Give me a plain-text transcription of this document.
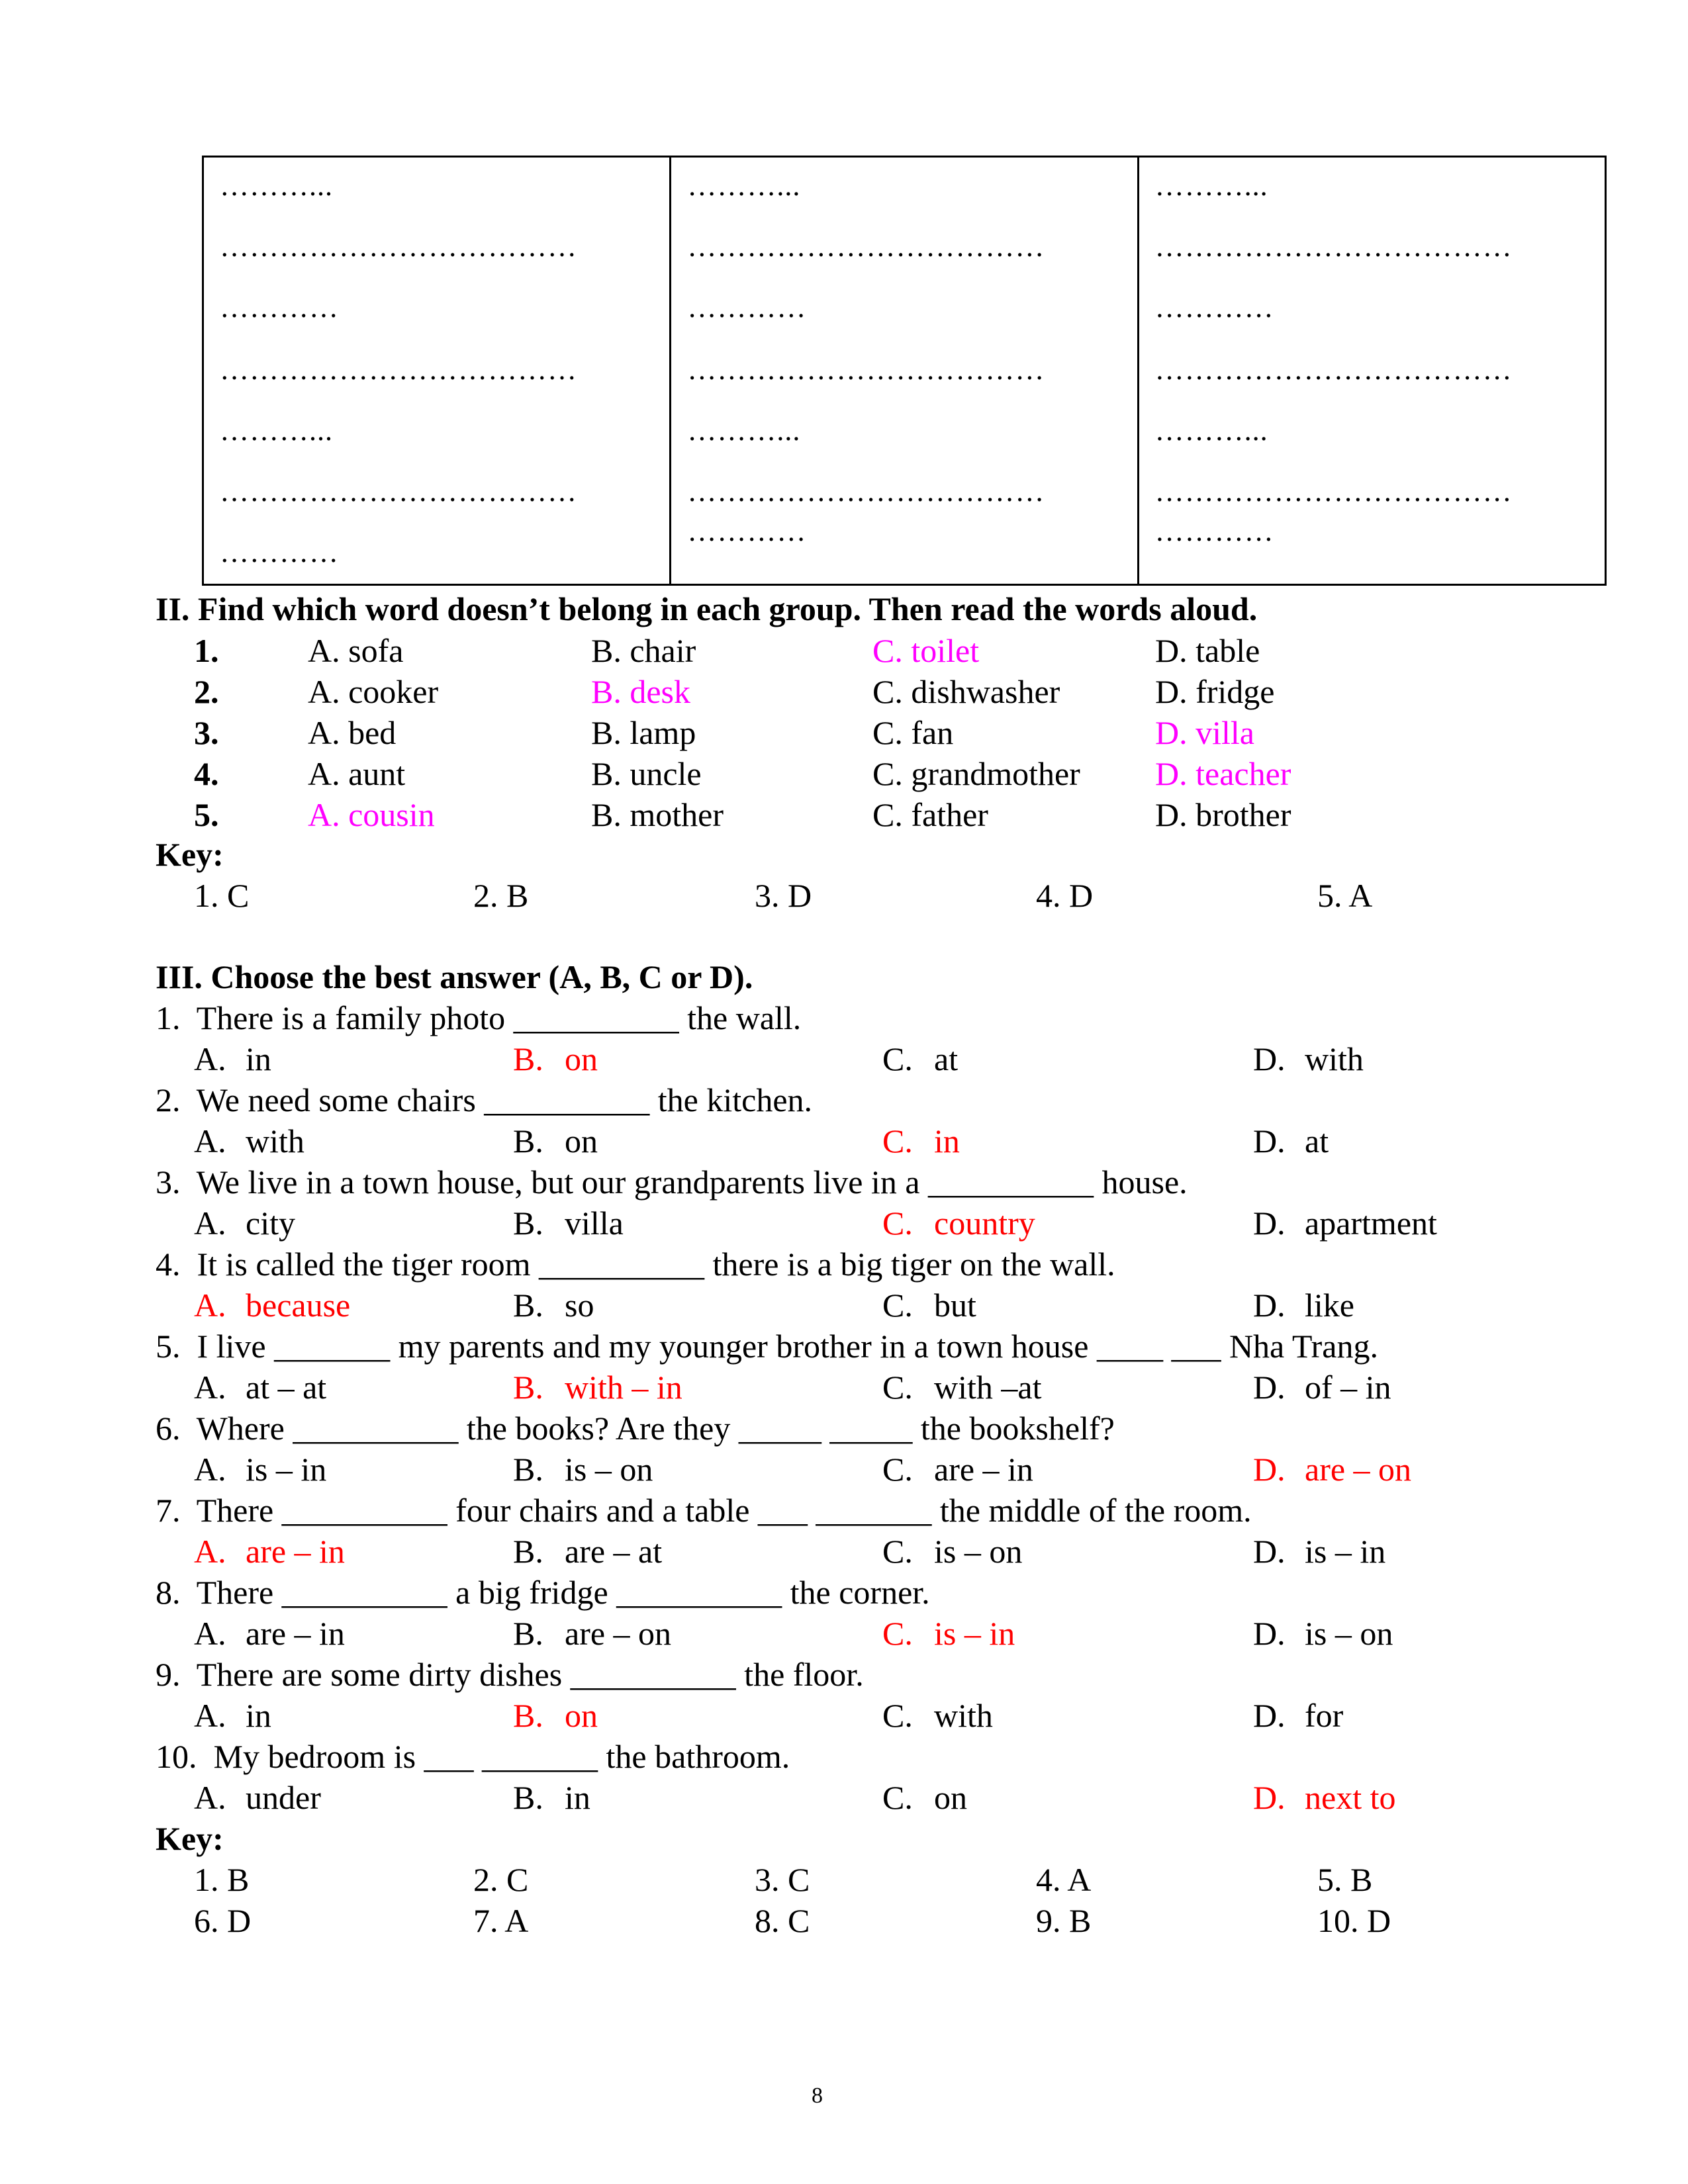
………...
………………………………
…………
………………………………
………...
………………………………
…………
………...
………………………………
…………
………………………………
………...
………………………………
…………
………...
………………………………
…………
………………………………
………...
………………………………
…………
II. Find which word doesn’t belong in each group. Then read the words aloud.
1.	A. sofa	B. chair	C. toilet	D. table
2.	A. cooker	B. desk	C. dishwasher	D. fridge
3.	A. bed	B. lamp	C. fan	D. villa
4.	A. aunt	B. uncle	C. grandmother D. teacher
5.	A. cousin	B. mother	C. father	D. brother
Key:
1. C	2. B	3. D	4. D	5. A
III. Choose the best answer (A, B, C or D).
1.  There is a family photo __________ the wall.
A. in	B. on	C. at	D. with
2.  We need some chairs __________ the kitchen.
A. with	B. on	C. in	D. at
3.  We live in a town house, but our grandparents live in a __________ house.
A. city	B. villa	C. country	D. apartment
4.  It is called the tiger room __________ there is a big tiger on the wall.
A. because	B. so	C. but	D. like
5.  I live _______ my parents and my younger brother in a town house ____ ___ Nha Trang.
A. at – at	B. with – in	C. with –at	D. of – in
6.  Where __________ the books? Are they _____ _____ the bookshelf?
A. is – in	B. is – on	C. are – in	D. are – on
7.  There __________ four chairs and a table ___ _______ the middle of the room.
A. are – in	B. are – at	C. is – on	D. is – in
8.  There __________ a big fridge __________ the corner.
A. are – in	B. are – on	C. is – in	D. is – on
9.  There are some dirty dishes __________ the floor.
A. in	B. on	C. with	D. for
10.  My bedroom is ___ _______ the bathroom.
A. under	B. in	C. on	D. next to
Key:
1. B	2. C	3. C	4. A	5. B
6. D	7. A	8. C	9. B	10. D
8
